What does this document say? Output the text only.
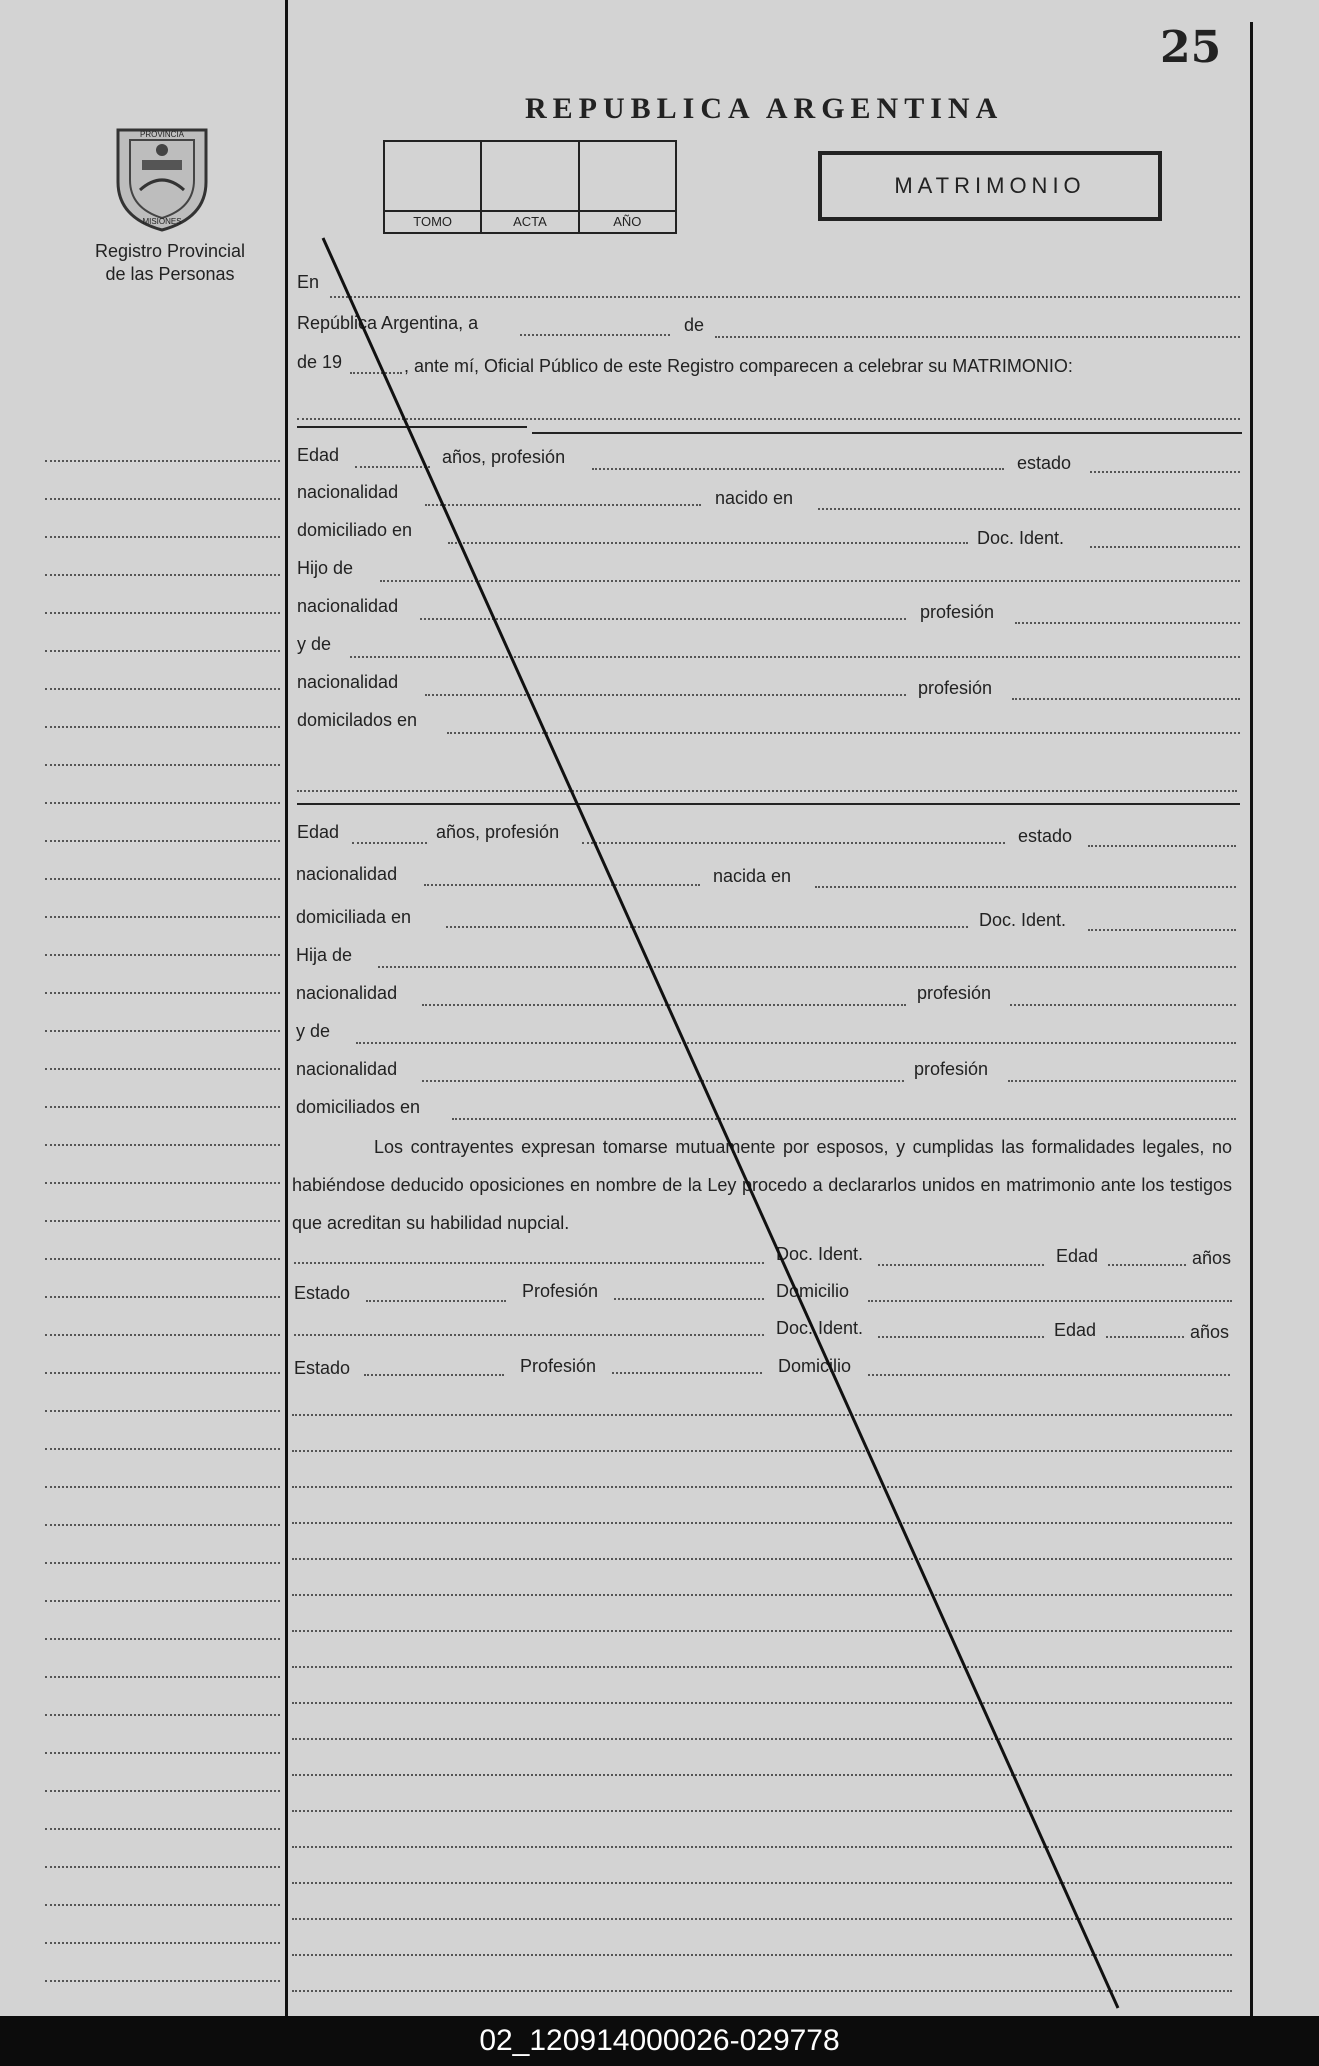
25
REPUBLICA ARGENTINA
PROVINCIA
MISIONES
Registro Provincial
de las Personas
TOMO	ACTA	AÑO
MATRIMONIO
En
República Argentina, a	de
de 19	, ante mí, Oficial Público de este Registro comparecen a celebrar su MATRIMONIO:
Edad	años, profesión	estado
nacionalidad	nacido en
domiciliado en	Doc. Ident.
Hijo de
nacionalidad	profesión
y de
nacionalidad	profesión
domicilados en
Edad	años, profesión	estado
nacionalidad	nacida en
domiciliada en	Doc. Ident.
Hija de
nacionalidad	profesión
y de
nacionalidad	profesión
domiciliados en
Los contrayentes expresan tomarse mutuamente por esposos, y cumplidas las formalidades legales, no habiéndose deducido oposiciones en nombre de la Ley procedo a declararlos unidos en matrimonio ante los testigos que acreditan su habilidad nupcial.
Doc. Ident.	Edad	años
Estado	Profesión	Domicilio
Doc. Ident.	Edad	años
Estado	Profesión	Domicilio
02_120914000026-029778
